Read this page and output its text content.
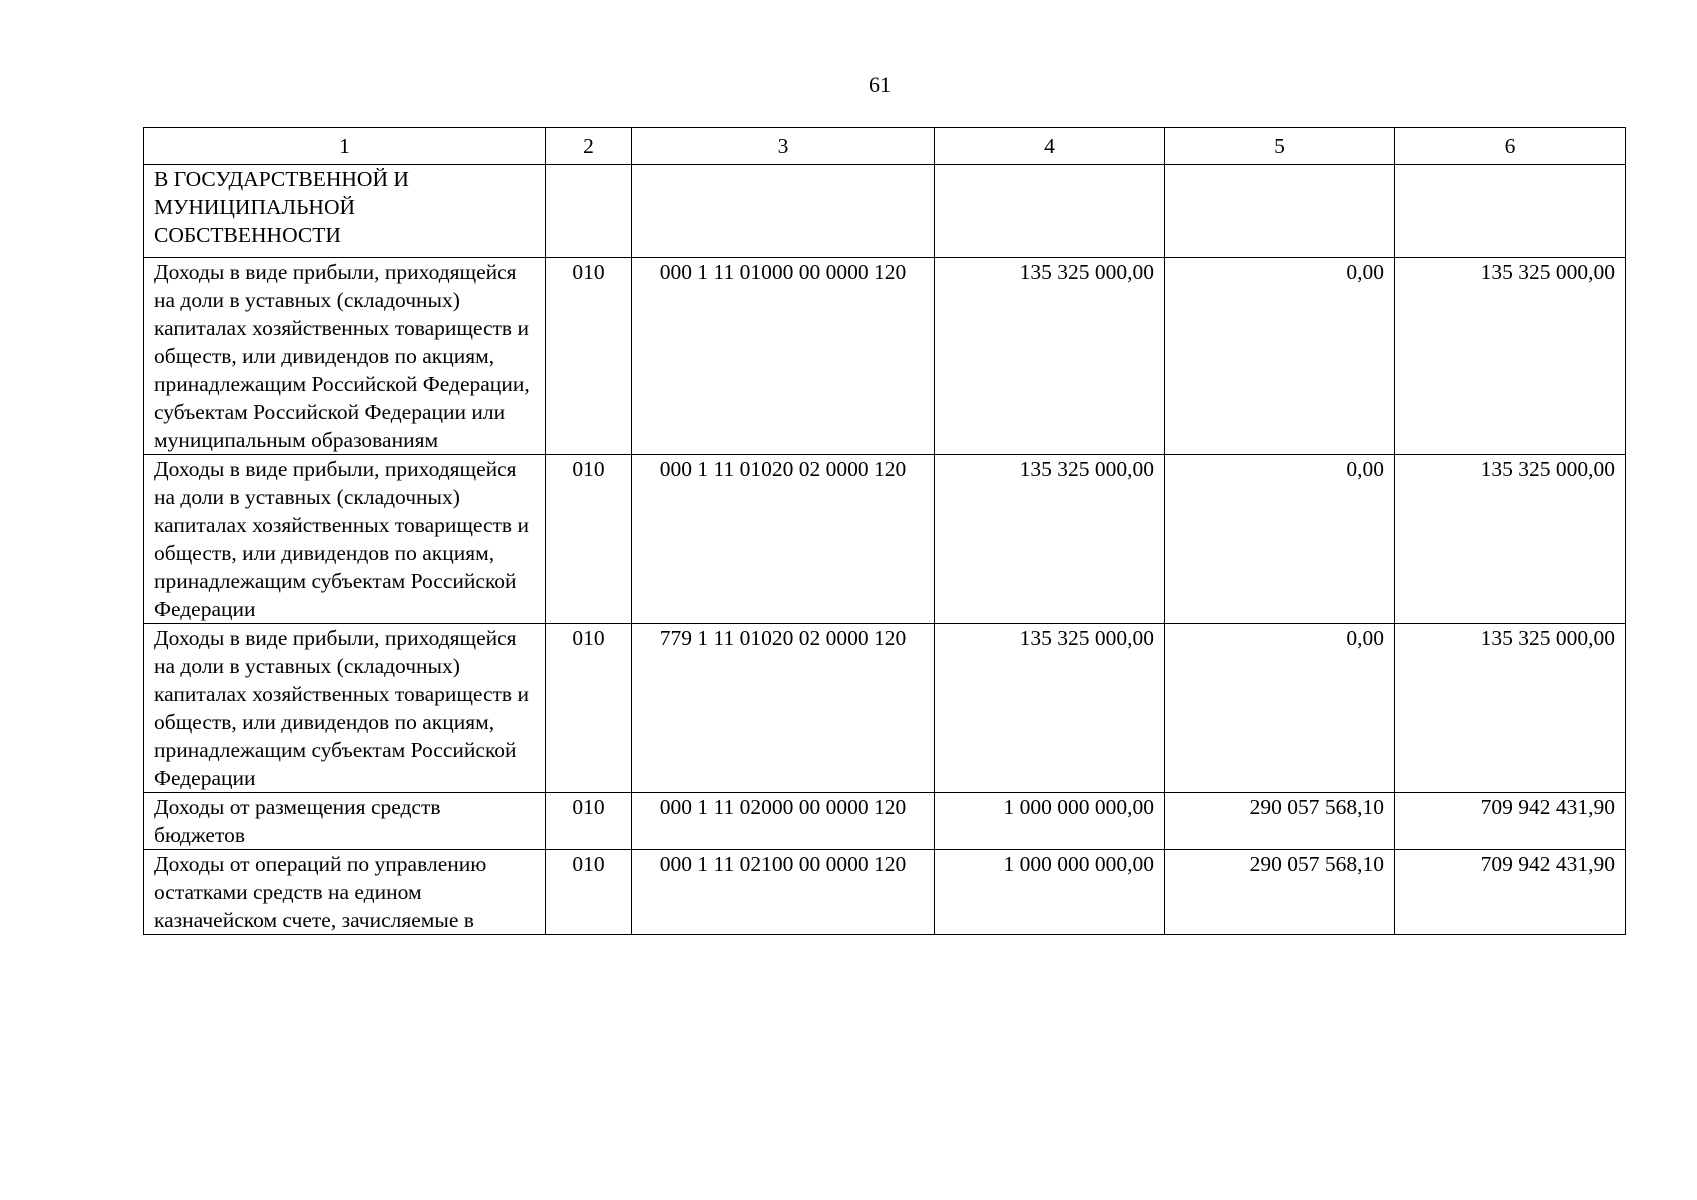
61
1	2	3	4	5	6
В ГОСУДАРСТВЕННОЙ И МУНИЦИПАЛЬНОЙ СОБСТВЕННОСТИ					
Доходы в виде прибыли, приходящейся на доли в уставных (складочных) капиталах хозяйственных товариществ и обществ, или дивидендов по акциям, принадлежащим Российской Федерации, субъектам Российской Федерации или муниципальным образованиям	010	000 1 11 01000 00 0000 120	135 325 000,00	0,00	135 325 000,00
Доходы в виде прибыли, приходящейся на доли в уставных (складочных) капиталах хозяйственных товариществ и обществ, или дивидендов по акциям, принадлежащим субъектам Российской Федерации	010	000 1 11 01020 02 0000 120	135 325 000,00	0,00	135 325 000,00
Доходы в виде прибыли, приходящейся на доли в уставных (складочных) капиталах хозяйственных товариществ и обществ, или дивидендов по акциям, принадлежащим субъектам Российской Федерации	010	779 1 11 01020 02 0000 120	135 325 000,00	0,00	135 325 000,00
Доходы от размещения средств бюджетов	010	000 1 11 02000 00 0000 120	1 000 000 000,00	290 057 568,10	709 942 431,90
Доходы от операций по управлению остатками средств на едином казначейском счете, зачисляемые в	010	000 1 11 02100 00 0000 120	1 000 000 000,00	290 057 568,10	709 942 431,90
